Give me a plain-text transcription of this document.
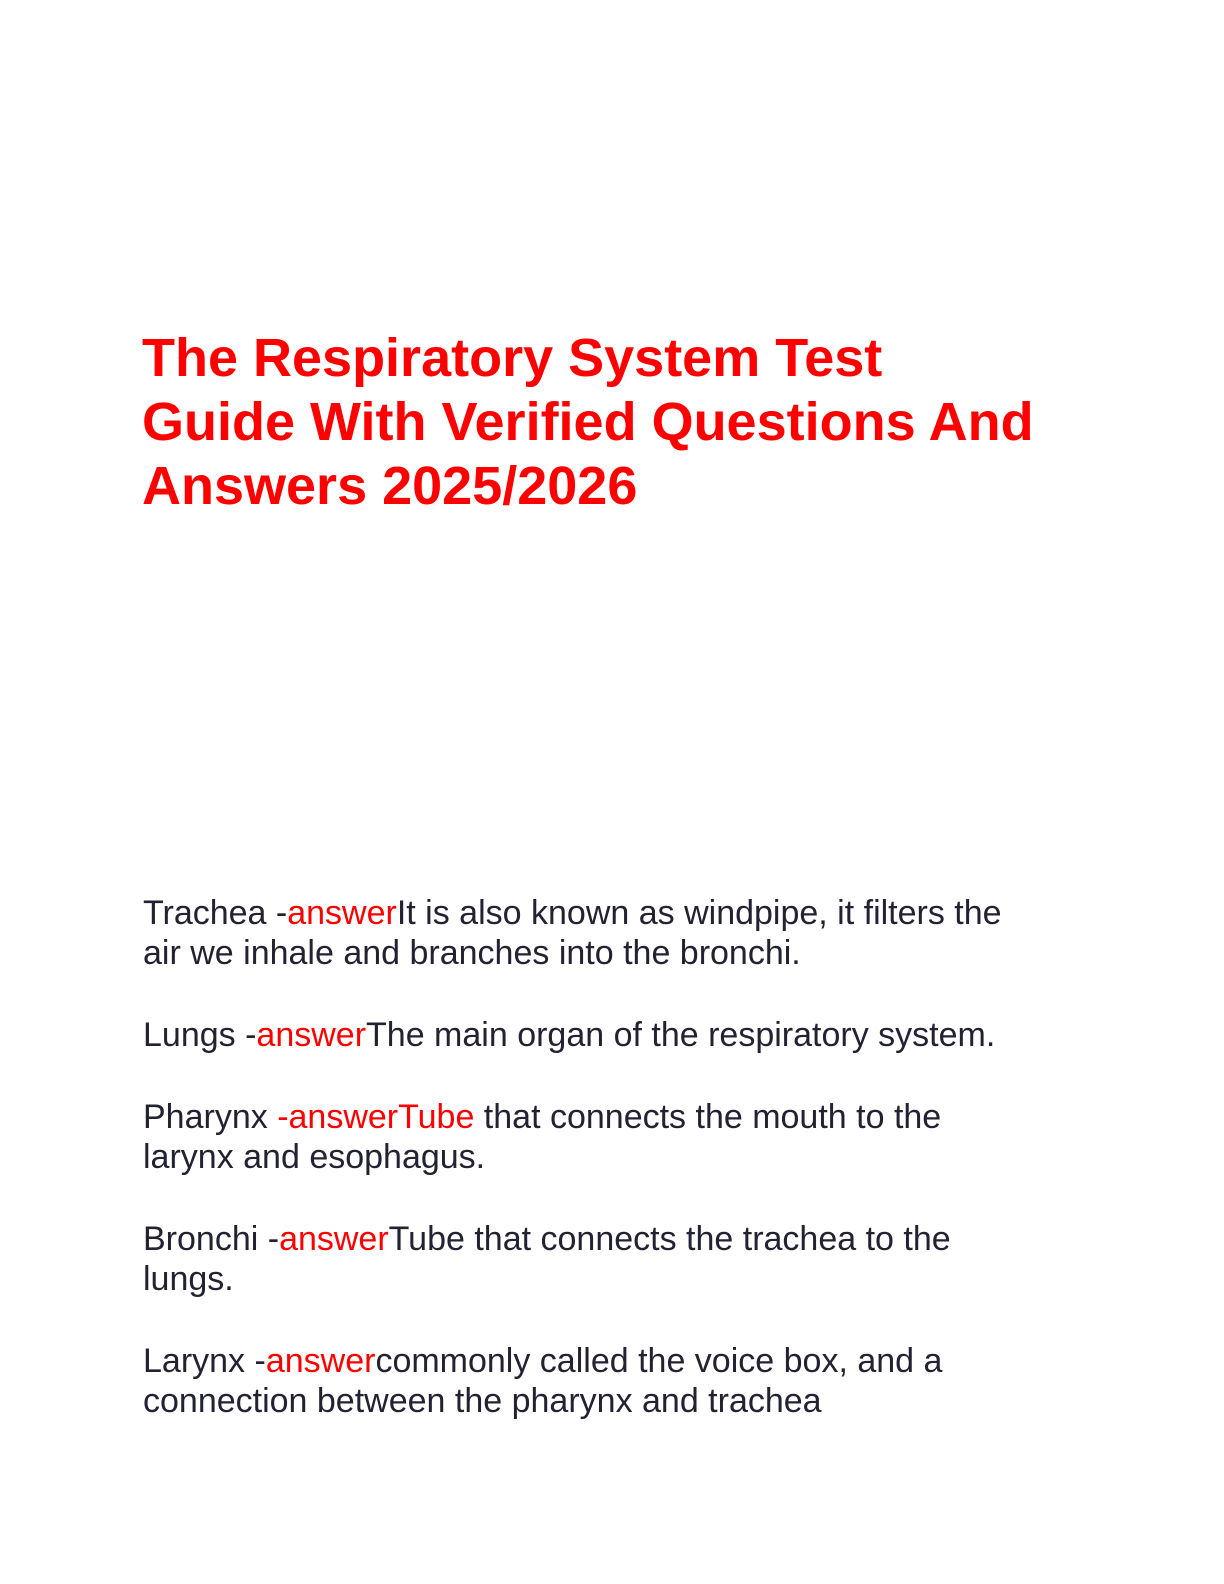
The Respiratory System Test
Guide With Verified Questions And
Answers 2025/2026

Trachea -answerIt is also known as windpipe, it filters the
air we inhale and branches into the bronchi.

Lungs -answerThe main organ of the respiratory system.

Pharynx -answerTube that connects the mouth to the
larynx and esophagus.

Bronchi -answerTube that connects the trachea to the
lungs.

Larynx -answercommonly called the voice box, and a
connection between the pharynx and trachea
